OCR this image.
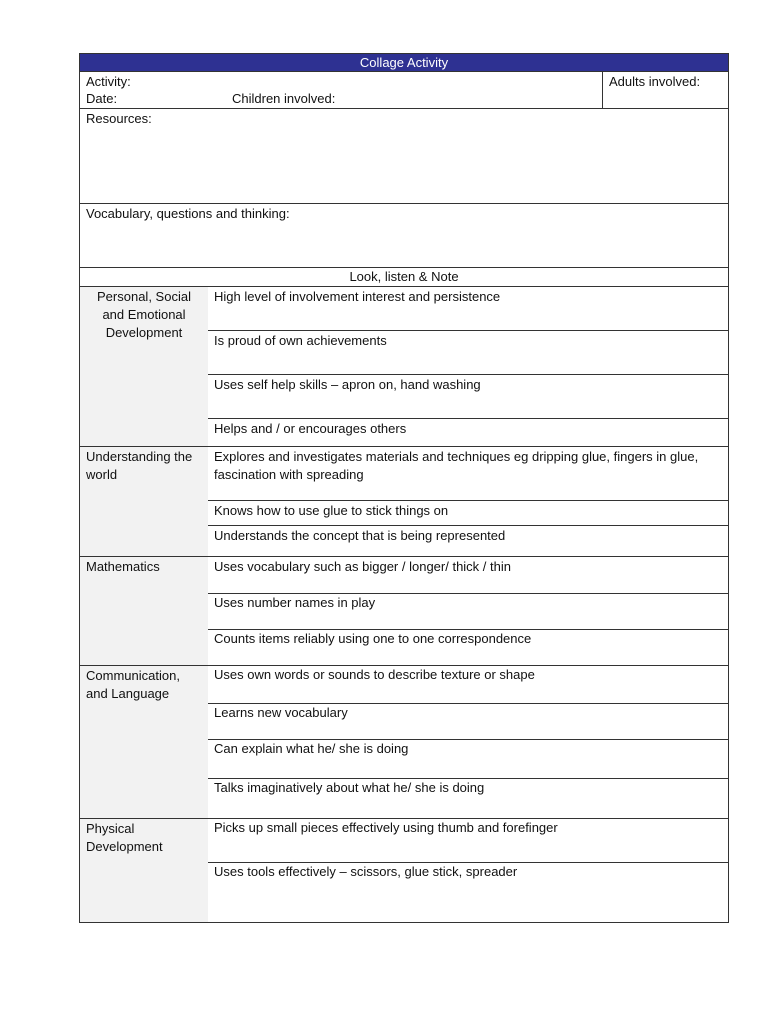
Collage Activity
Activity:
Date:	Children involved:
Adults involved:
Resources:
Vocabulary, questions and thinking:
Look, listen & Note
Personal, Social and Emotional Development
High level of involvement interest and persistence
Is proud of own achievements
Uses self help skills – apron on, hand washing
Helps and / or encourages others
Understanding the world
Explores and investigates materials and techniques eg dripping glue, fingers in glue, fascination with spreading
Knows how to use glue to stick things on
Understands the concept that is being represented
Mathematics	Uses vocabulary such as bigger / longer/ thick / thin
Uses number names in play
Counts items reliably using one to one correspondence
Communication, and Language
Uses own words or sounds to describe texture or shape
Learns new vocabulary
Can explain what he/ she is doing
Talks imaginatively about what he/ she is doing
Physical Development
Picks up small pieces effectively using thumb and forefinger
Uses tools effectively – scissors, glue stick, spreader
